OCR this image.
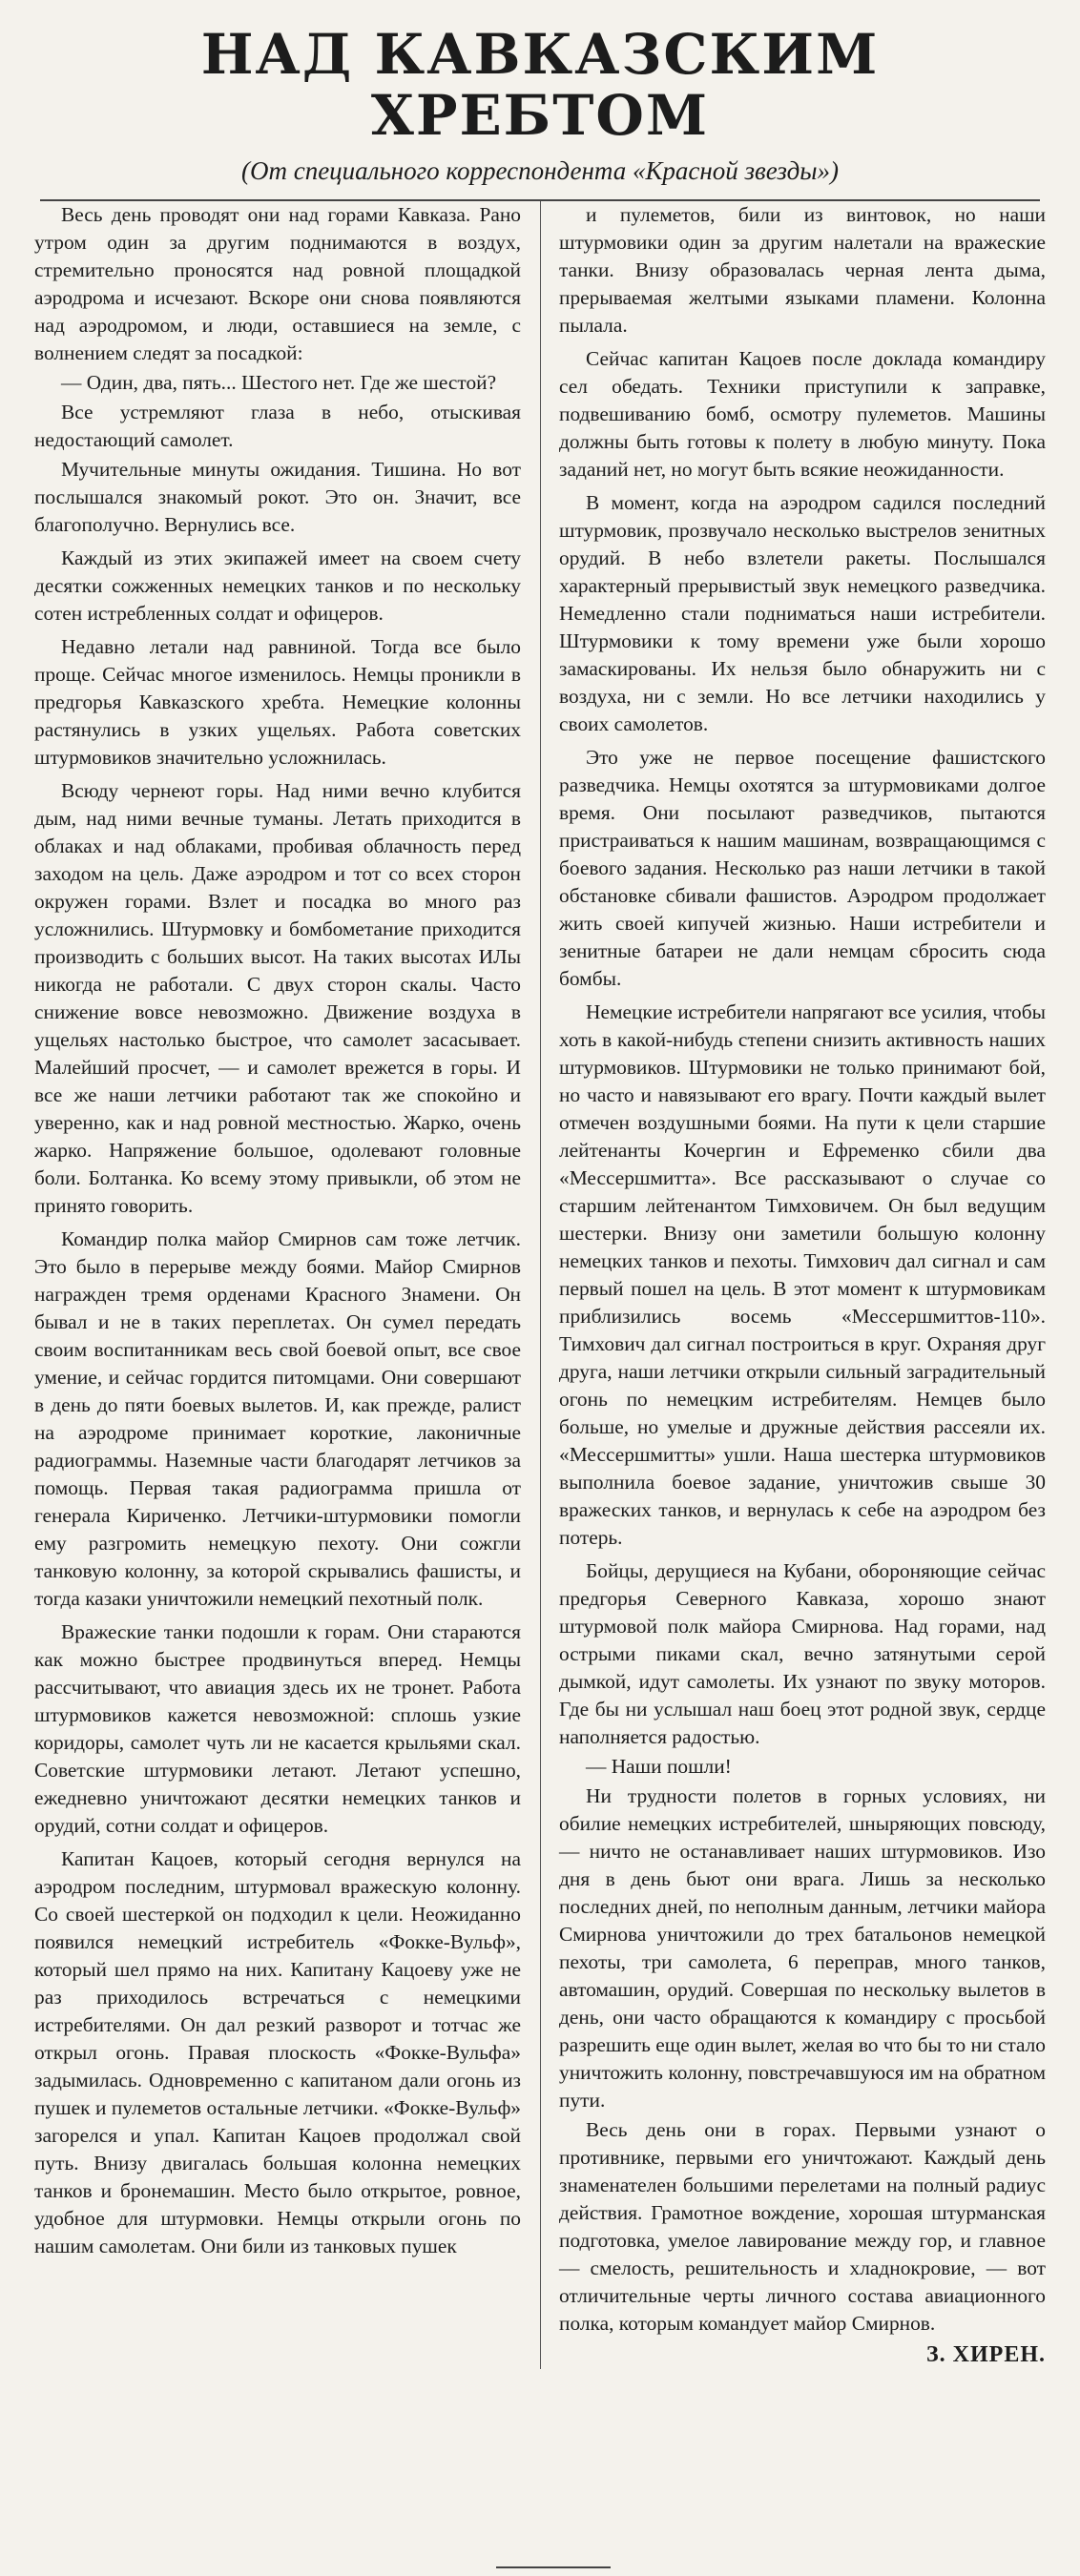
НАД КАВКАЗСКИМ ХРЕБТОМ
(От специального корреспондента «Красной звезды»)

Весь день проводят они над горами Кавказа. Рано утром один за другим поднимаются в воздух, стремительно проносятся над ровной площадкой аэродрома и исчезают. Вскоре они снова появляются над аэродромом, и люди, оставшиеся на земле, с волнением следят за посадкой:

— Один, два, пять... Шестого нет. Где же шестой?

Все устремляют глаза в небо, отыскивая недостающий самолет.

Мучительные минуты ожидания. Тишина. Но вот послышался знакомый рокот. Это он. Значит, все благополучно. Вернулись все.

Каждый из этих экипажей имеет на своем счету десятки сожженных немецких танков и по нескольку сотен истребленных солдат и офицеров.

Недавно летали над равниной. Тогда все было проще. Сейчас многое изменилось. Немцы проникли в предгорья Кавказского хребта. Немецкие колонны растянулись в узких ущельях. Работа советских штурмовиков значительно усложнилась.

Всюду чернеют горы. Над ними вечно клубится дым, над ними вечные туманы. Летать приходится в облаках и над облаками, пробивая облачность перед заходом на цель. Даже аэродром и тот со всех сторон окружен горами. Взлет и посадка во много раз усложнились. Штурмовку и бомбометание приходится производить с больших высот. На таких высотах ИЛы никогда не работали. С двух сторон скалы. Часто снижение вовсе невозможно. Движение воздуха в ущельях настолько быстрое, что самолет засасывает. Малейший просчет, — и самолет врежется в горы. И все же наши летчики работают так же спокойно и уверенно, как и над ровной местностью. Жарко, очень жарко. Напряжение большое, одолевают головные боли. Болтанка. Ко всему этому привыкли, об этом не принято говорить.

Командир полка майор Смирнов сам тоже летчик. Это было в перерыве между боями. Майор Смирнов награжден тремя орденами Красного Знамени. Он бывал и не в таких переплетах. Он сумел передать своим воспитанникам весь свой боевой опыт, все свое умение, и сейчас гордится питомцами. Они совершают в день до пяти боевых вылетов. И, как прежде, ралист на аэродроме принимает короткие, лаконичные радиограммы. Наземные части благодарят летчиков за помощь. Первая такая радиограмма пришла от генерала Кириченко. Летчики-штурмовики помогли ему разгромить немецкую пехоту. Они сожгли танковую колонну, за которой скрывались фашисты, и тогда казаки уничтожили немецкий пехотный полк.

Вражеские танки подошли к горам. Они стараются как можно быстрее продвинуться вперед. Немцы рассчитывают, что авиация здесь их не тронет. Работа штурмовиков кажется невозможной: сплошь узкие коридоры, самолет чуть ли не касается крыльями скал. Советские штурмовики летают. Летают успешно, ежедневно уничтожают десятки немецких танков и орудий, сотни солдат и офицеров.

Капитан Кацоев, который сегодня вернулся на аэродром последним, штурмовал вражескую колонну. Со своей шестеркой он подходил к цели. Неожиданно появился немецкий истребитель «Фокке-Вульф», который шел прямо на них. Капитану Кацоеву уже не раз приходилось встречаться с немецкими истребителями. Он дал резкий разворот и тотчас же открыл огонь. Правая плоскость «Фокке-Вульфа» задымилась. Одновременно с капитаном дали огонь из пушек и пулеметов остальные летчики. «Фокке-Вульф» загорелся и упал. Капитан Кацоев продолжал свой путь. Внизу двигалась большая колонна немецких танков и бронемашин. Место было открытое, ровное, удобное для штурмовки. Немцы открыли огонь по нашим самолетам. Они били из танковых пушек

и пулеметов, били из винтовок, но наши штурмовики один за другим налетали на вражеские танки. Внизу образовалась черная лента дыма, прерываемая желтыми языками пламени. Колонна пылала.

Сейчас капитан Кацоев после доклада командиру сел обедать. Техники приступили к заправке, подвешиванию бомб, осмотру пулеметов. Машины должны быть готовы к полету в любую минуту. Пока заданий нет, но могут быть всякие неожиданности.

В момент, когда на аэродром садился последний штурмовик, прозвучало несколько выстрелов зенитных орудий. В небо взлетели ракеты. Послышался характерный прерывистый звук немецкого разведчика. Немедленно стали подниматься наши истребители. Штурмовики к тому времени уже были хорошо замаскированы. Их нельзя было обнаружить ни с воздуха, ни с земли. Но все летчики находились у своих самолетов.

Это уже не первое посещение фашистского разведчика. Немцы охотятся за штурмовиками долгое время. Они посылают разведчиков, пытаются пристраиваться к нашим машинам, возвращающимся с боевого задания. Несколько раз наши летчики в такой обстановке сбивали фашистов. Аэродром продолжает жить своей кипучей жизнью. Наши истребители и зенитные батареи не дали немцам сбросить сюда бомбы.

Немецкие истребители напрягают все усилия, чтобы хоть в какой-нибудь степени снизить активность наших штурмовиков. Штурмовики не только принимают бой, но часто и навязывают его врагу. Почти каждый вылет отмечен воздушными боями. На пути к цели старшие лейтенанты Кочергин и Ефременко сбили два «Мессершмитта». Все рассказывают о случае со старшим лейтенантом Тимховичем. Он был ведущим шестерки. Внизу они заметили большую колонну немецких танков и пехоты. Тимхович дал сигнал и сам первый пошел на цель. В этот момент к штурмовикам приблизились восемь «Мессершмиттов-110». Тимхович дал сигнал построиться в круг. Охраняя друг друга, наши летчики открыли сильный заградительный огонь по немецким истребителям. Немцев было больше, но умелые и дружные действия рассеяли их. «Мессершмитты» ушли. Наша шестерка штурмовиков выполнила боевое задание, уничтожив свыше 30 вражеских танков, и вернулась к себе на аэродром без потерь.

Бойцы, дерущиеся на Кубани, обороняющие сейчас предгорья Северного Кавказа, хорошо знают штурмовой полк майора Смирнова. Над горами, над острыми пиками скал, вечно затянутыми серой дымкой, идут самолеты. Их узнают по звуку моторов. Где бы ни услышал наш боец этот родной звук, сердце наполняется радостью.

— Наши пошли!

Ни трудности полетов в горных условиях, ни обилие немецких истребителей, шныряющих повсюду, — ничто не останавливает наших штурмовиков. Изо дня в день бьют они врага. Лишь за несколько последних дней, по неполным данным, летчики майора Смирнова уничтожили до трех батальонов немецкой пехоты, три самолета, 6 переправ, много танков, автомашин, орудий. Совершая по нескольку вылетов в день, они часто обращаются к командиру с просьбой разрешить еще один вылет, желая во что бы то ни стало уничтожить колонну, повстречавшуюся им на обратном пути.

Весь день они в горах. Первыми узнают о противнике, первыми его уничтожают. Каждый день знаменателен большими перелетами на полный радиус действия. Грамотное вождение, хорошая штурманская подготовка, умелое лавирование между гор, и главное — смелость, решительность и хладнокровие, — вот отличительные черты личного состава авиационного полка, которым командует майор Смирнов.

З. ХИРЕН.
